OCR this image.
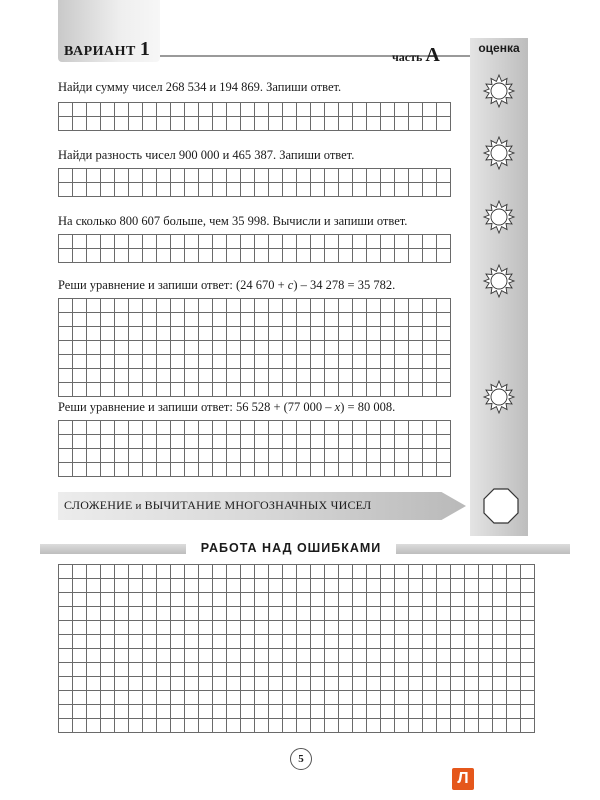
ВАРИАНТ 1	часть А	оценка
Найди сумму чисел 268 534 и 194 869. Запиши ответ.
Найди разность чисел 900 000 и 465 387. Запиши ответ.
На сколько 800 607 больше, чем 35 998. Вычисли и запиши ответ.
Реши уравнение и запиши ответ: (24 670 + c) – 34 278 = 35 782.
Реши уравнение и запиши ответ: 56 528 + (77 000 – x) = 80 008.
СЛОЖЕНИЕ и ВЫЧИТАНИЕ МНОГОЗНАЧНЫХ ЧИСЕЛ
РАБОТА НАД ОШИБКАМИ
5
Л
